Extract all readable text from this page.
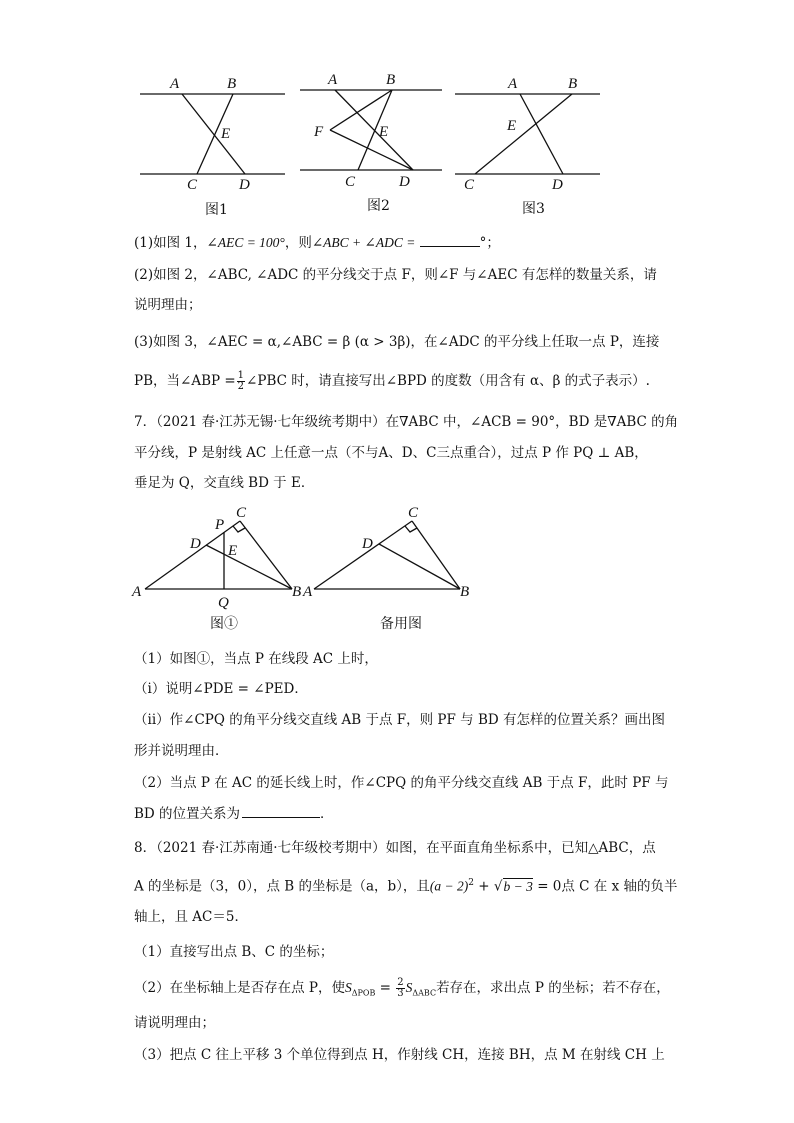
A	B
E
C	D
图1
A	B
F	E
C	D
图2
A	B
E
C	D
图3
(1)如图 1，∠AEC = 100°，则∠ABC + ∠ADC =	°；
(2)如图 2，∠ABC, ∠ADC 的平分线交于点 F，则∠F 与∠AEC 有怎样的数量关系，请
说明理由；
(3)如图 3，∠AEC = α,∠ABC = β (α > 3β)，在∠ADC 的平分线上任取一点 P，连接
PB，当∠ABP = $\frac{1}{2}$ ∠PBC 时，请直接写出∠BPD 的度数（用含有 α、β 的式子表示）.
7．（2021 春·江苏无锡·七年级统考期中）在∇ABC 中，∠ACB = 90°，BD 是∇ABC 的角
平分线，P 是射线 AC 上任意一点（不与A、D、C三点重合），过点 P 作 PQ ⊥ AB，
垂足为 Q，交直线 BD 于 E．
P
C
D E
A
Q
B
图①
A
C
D
B
备用图
（1）如图①，当点 P 在线段 AC 上时，
（i）说明∠PDE = ∠PED．
（ii）作∠CPQ 的角平分线交直线 AB 于点 F，则 PF 与 BD 有怎样的位置关系？画出图
形并说明理由．
（2）当点 P 在 AC 的延长线上时，作∠CPQ 的角平分线交直线 AB 于点 F，此时 PF 与
BD 的位置关系为	．
8．（2021 春·江苏南通·七年级校考期中）如图，在平面直角坐标系中，已知△ABC，点
A 的坐标是（3，0），点 B 的坐标是（a，b），且$(a - 2)^2 + √b - 3 = 0$点 C 在 x 轴的负半
轴上，且 AC＝5．
（1）直接写出点 B、C 的坐标；
（2）在坐标轴上是否存在点 P，使$S_{\Delta POB} = \frac{2}{3} S_{\Delta ABC}$若存在，求出点 P 的坐标；若不存在，
请说明理由；
（3）把点 C 往上平移 3 个单位得到点 H，作射线 CH，连接 BH，点 M 在射线 CH 上
